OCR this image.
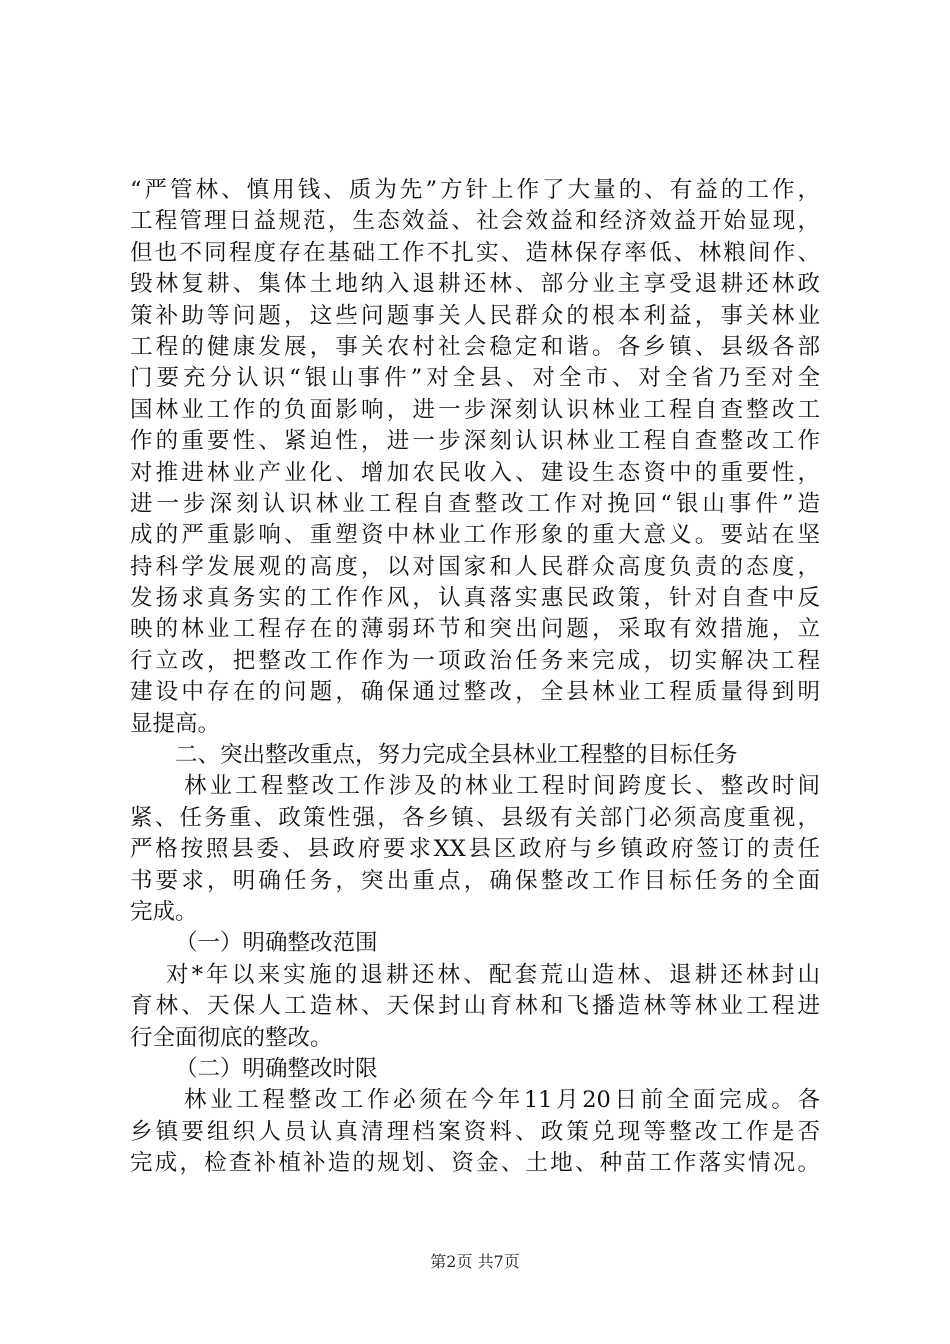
“严管林、慎用钱、质为先”方针上作了大量的、有益的工作，
工程管理日益规范，生态效益、社会效益和经济效益开始显现，
但也不同程度存在基础工作不扎实、造林保存率低、林粮间作、
毁林复耕、集体土地纳入退耕还林、部分业主享受退耕还林政
策补助等问题，这些问题事关人民群众的根本利益，事关林业
工程的健康发展，事关农村社会稳定和谐。各乡镇、县级各部
门要充分认识“银山事件”对全县、对全市、对全省乃至对全
国林业工作的负面影响，进一步深刻认识林业工程自查整改工
作的重要性、紧迫性，进一步深刻认识林业工程自查整改工作
对推进林业产业化、增加农民收入、建设生态资中的重要性，
进一步深刻认识林业工程自查整改工作对挽回“银山事件”造
成的严重影响、重塑资中林业工作形象的重大意义。要站在坚
持科学发展观的高度，以对国家和人民群众高度负责的态度，
发扬求真务实的工作作风，认真落实惠民政策，针对自查中反
映的林业工程存在的薄弱环节和突出问题，采取有效措施，立
行立改，把整改工作作为一项政治任务来完成，切实解决工程
建设中存在的问题，确保通过整改，全县林业工程质量得到明
显提高。
二、突出整改重点，努力完成全县林业工程整的目标任务
林业工程整改工作涉及的林业工程时间跨度长、整改时间
紧、任务重、政策性强，各乡镇、县级有关部门必须高度重视，
严格按照县委、县政府要求XX县区政府与乡镇政府签订的责任
书要求，明确任务，突出重点，确保整改工作目标任务的全面
完成。
（一）明确整改范围
对*年以来实施的退耕还林、配套荒山造林、退耕还林封山
育林、天保人工造林、天保封山育林和飞播造林等林业工程进
行全面彻底的整改。
（二）明确整改时限
林业工程整改工作必须在今年11月20日前全面完成。各
乡镇要组织人员认真清理档案资料、政策兑现等整改工作是否
完成，检查补植补造的规划、资金、土地、种苗工作落实情况。
第2页 共7页
